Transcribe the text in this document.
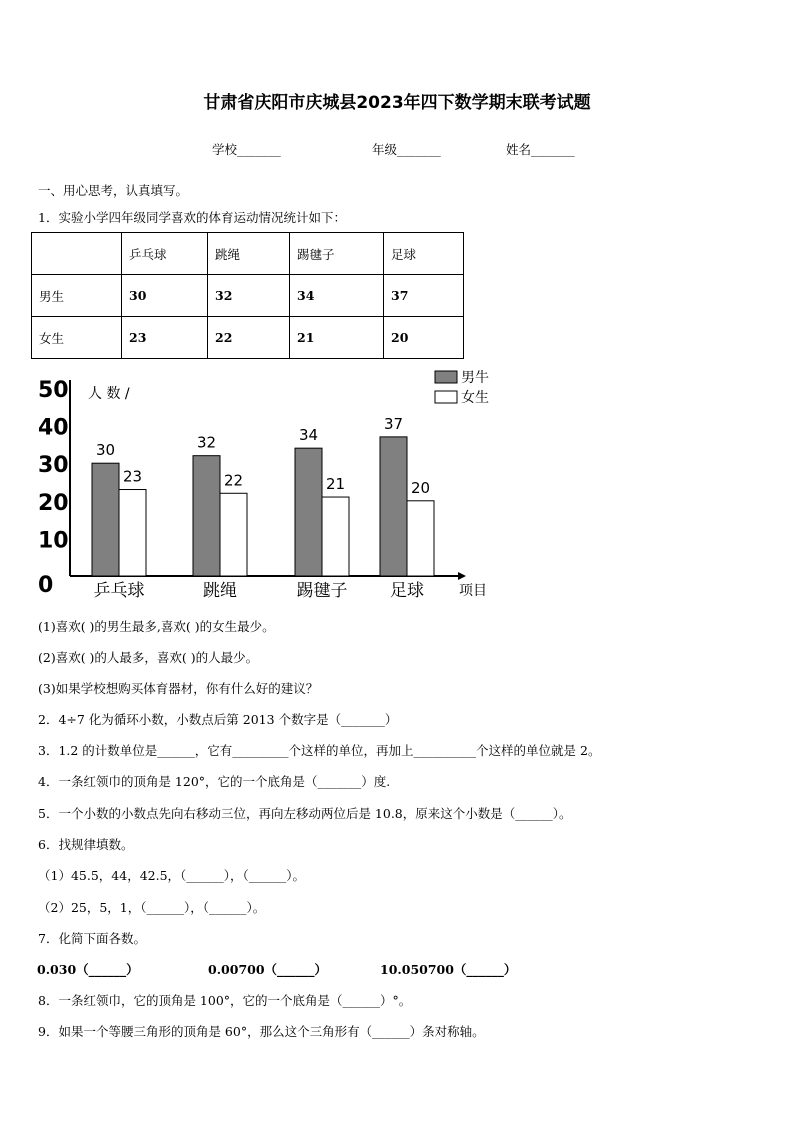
甘肃省庆阳市庆城县2023年四下数学期末联考试题
学校_______	年级_______	姓名_______
一、用心思考，认真填写。
1．实验小学四年级同学喜欢的体育运动情况统计如下：
	乒乓球	跳绳	踢毽子	足球
男生	30	32	34	37
女生	23	22	21	20
0
10
20
30
40
50 人 数 /
30
23
乒乓球
32
22
跳绳
34
21
踢毽子
37
20
足球	项目
男牛
女生
(1)喜欢( )的男生最多,喜欢( )的女生最少。
(2)喜欢( )的人最多，喜欢( )的人最少。
(3)如果学校想购买体育器材，你有什么好的建议？
2．4÷7 化为循环小数，小数点后第 2013 个数字是（_______）
3．1.2 的计数单位是______，它有_________个这样的单位，再加上__________个这样的单位就是 2。
4．一条红领巾的顶角是 120°，它的一个底角是（_______）度.
5．一个小数的小数点先向右移动三位，再向左移动两位后是 10.8，原来这个小数是（______）。
6．找规律填数。
（1）45.5，44，42.5，（______），（______）。
（2）25，5，1，（______），（______）。
7．化简下面各数。
0.030（______）	0.00700（______）	10.050700（______）
8．一条红领巾，它的顶角是 100°，它的一个底角是（______）°。
9．如果一个等腰三角形的顶角是 60°，那么这个三角形有（______）条对称轴。
